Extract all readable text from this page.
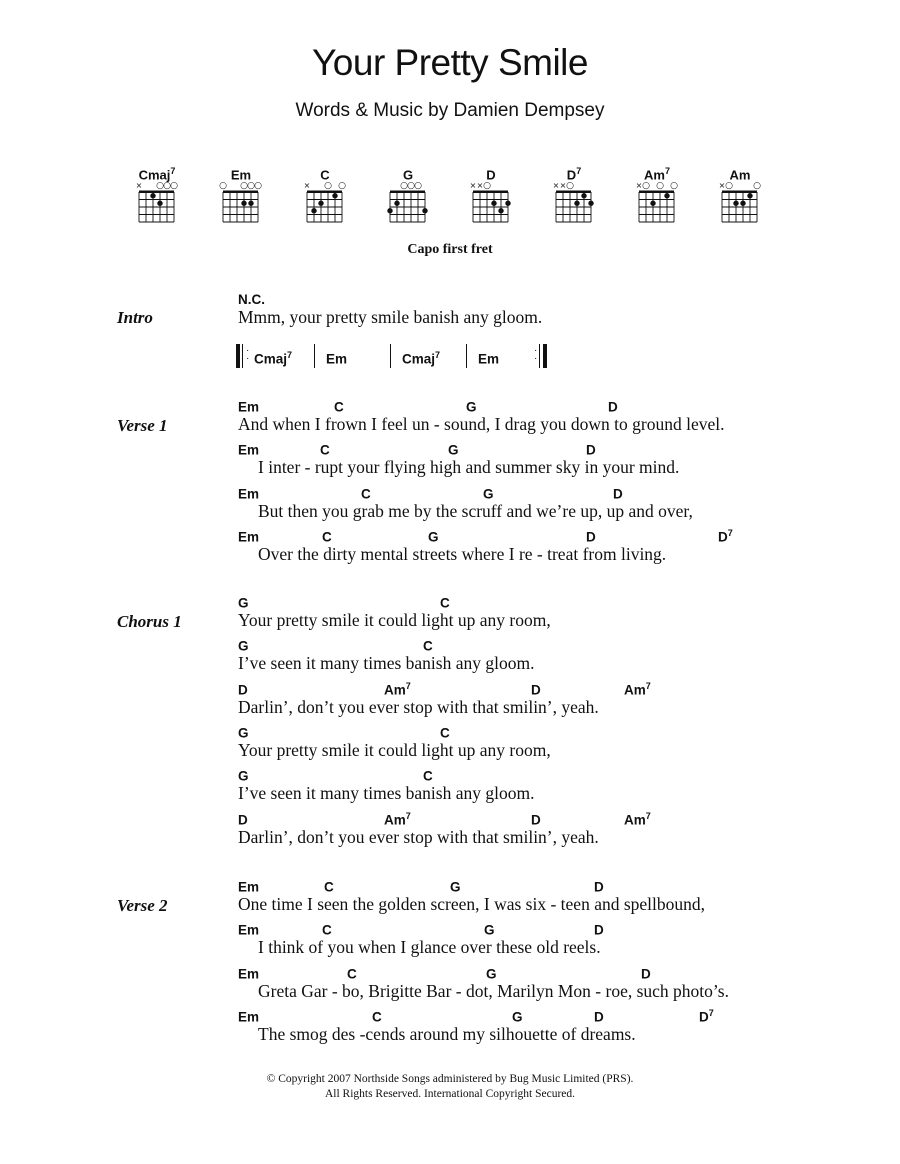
Your Pretty Smile
Words & Music by Damien Dempsey
Cmaj$^7$
× ○ ○ ○
Em
○ ○ ○ ○
C
× ○ ○
G
○ ○ ○
D
× × ○
$D^7$
× × ○
$Am^7$
× ○ ○ ○
Am
× ○ ○
Capo first fret
Intro
N.C.
Mmm, your pretty smile banish any gloom.
·
· Cmaj$^7$	Em	Cmaj$^7$	Em
·
·
Verse 1
Em	C	G	D
And when I frown I feel un - sound, I drag you down to ground level.
Em	C	G	D
I inter - rupt your flying high and summer sky in your mind.
Em	C	G	D
But then you grab me by the scruff and we’re up, up and over,
Em	C	G	D	$D^7$
Over the dirty mental streets where I re - treat from living.
Chorus 1
G	C
Your pretty smile it could light up any room,
G	C
I’ve seen it many times banish any gloom.
D	Am$^7$	D	Am$^7$
Darlin’, don’t you ever stop with that smilin’, yeah.
G	C
Your pretty smile it could light up any room,
G	C
I’ve seen it many times banish any gloom.
D	Am$^7$	D	Am$^7$
Darlin’, don’t you ever stop with that smilin’, yeah.
Verse 2
Em	C	G	D
One time I seen the golden screen, I was six - teen and spellbound,
Em	C	G	D
I think of you when I glance over these old reels.
Em	C	G	D
Greta Gar - bo, Brigitte Bar - dot, Marilyn Mon - roe, such photo’s.
Em	C	G	D	$D^7$
The smog des -cends around my silhouette of dreams.
© Copyright 2007 Northside Songs administered by Bug Music Limited (PRS).
All Rights Reserved. International Copyright Secured.
